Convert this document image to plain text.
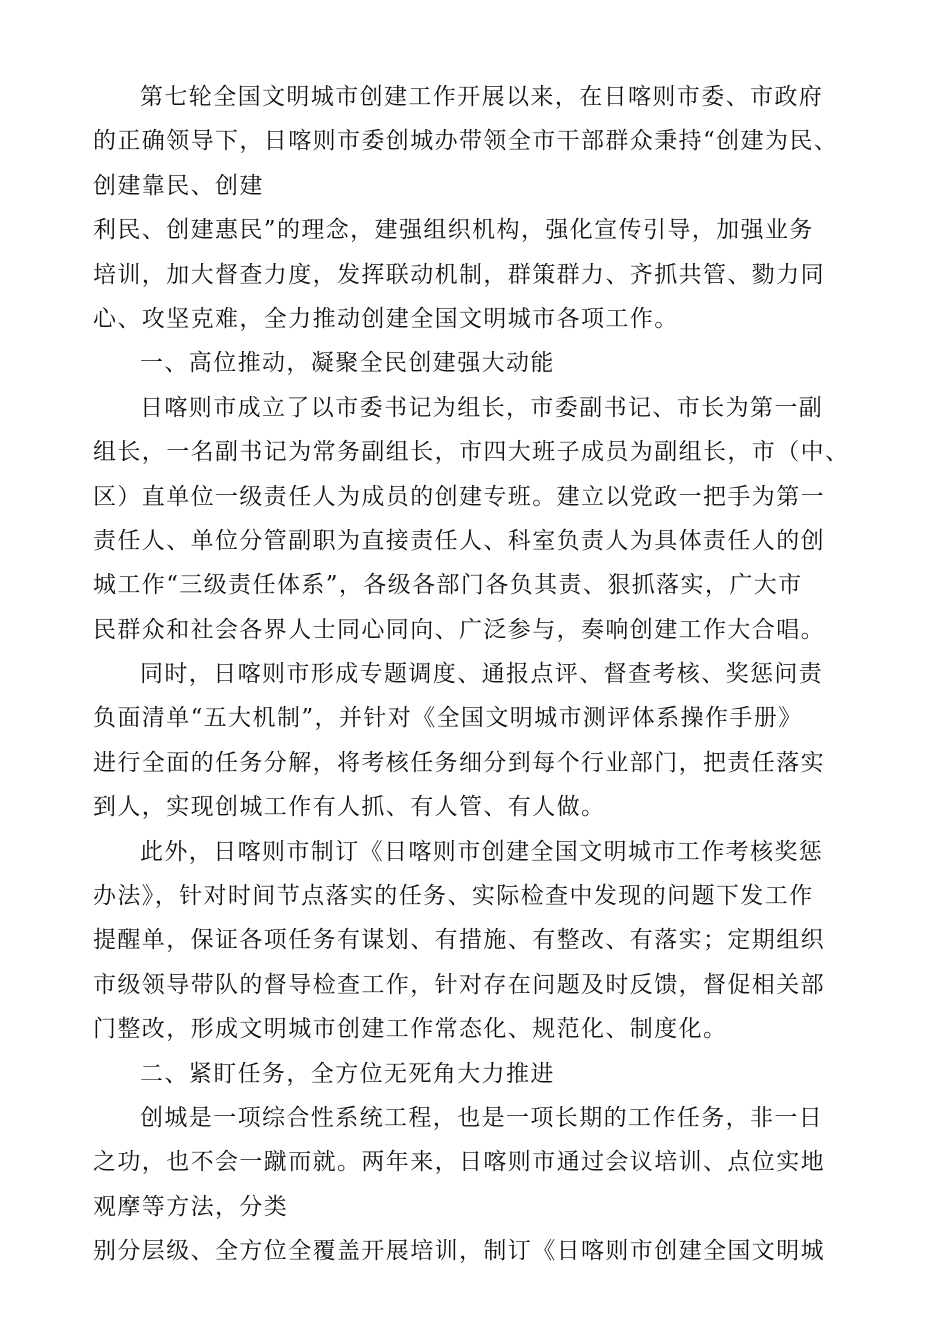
第七轮全国文明城市创建工作开展以来，在日喀则市委、市政府
的正确领导下，日喀则市委创城办带领全市干部群众秉持“创建为民、
创建靠民、创建
利民、创建惠民”的理念，建强组织机构，强化宣传引导，加强业务
培训，加大督查力度，发挥联动机制，群策群力、齐抓共管、勠力同
心、攻坚克难，全力推动创建全国文明城市各项工作。
一、高位推动，凝聚全民创建强大动能
日喀则市成立了以市委书记为组长，市委副书记、市长为第一副
组长，一名副书记为常务副组长，市四大班子成员为副组长，市（中、
区）直单位一级责任人为成员的创建专班。建立以党政一把手为第一
责任人、单位分管副职为直接责任人、科室负责人为具体责任人的创
城工作“三级责任体系”，各级各部门各负其责、狠抓落实，广大市
民群众和社会各界人士同心同向、广泛参与，奏响创建工作大合唱。
同时，日喀则市形成专题调度、通报点评、督查考核、奖惩问责
负面清单“五大机制”，并针对《全国文明城市测评体系操作手册》
进行全面的任务分解，将考核任务细分到每个行业部门，把责任落实
到人，实现创城工作有人抓、有人管、有人做。
此外，日喀则市制订《日喀则市创建全国文明城市工作考核奖惩
办法》，针对时间节点落实的任务、实际检查中发现的问题下发工作
提醒单，保证各项任务有谋划、有措施、有整改、有落实；定期组织
市级领导带队的督导检查工作，针对存在问题及时反馈，督促相关部
门整改，形成文明城市创建工作常态化、规范化、制度化。
二、紧盯任务，全方位无死角大力推进
创城是一项综合性系统工程，也是一项长期的工作任务，非一日
之功，也不会一蹴而就。两年来，日喀则市通过会议培训、点位实地
观摩等方法，分类
别分层级、全方位全覆盖开展培训，制订《日喀则市创建全国文明城
